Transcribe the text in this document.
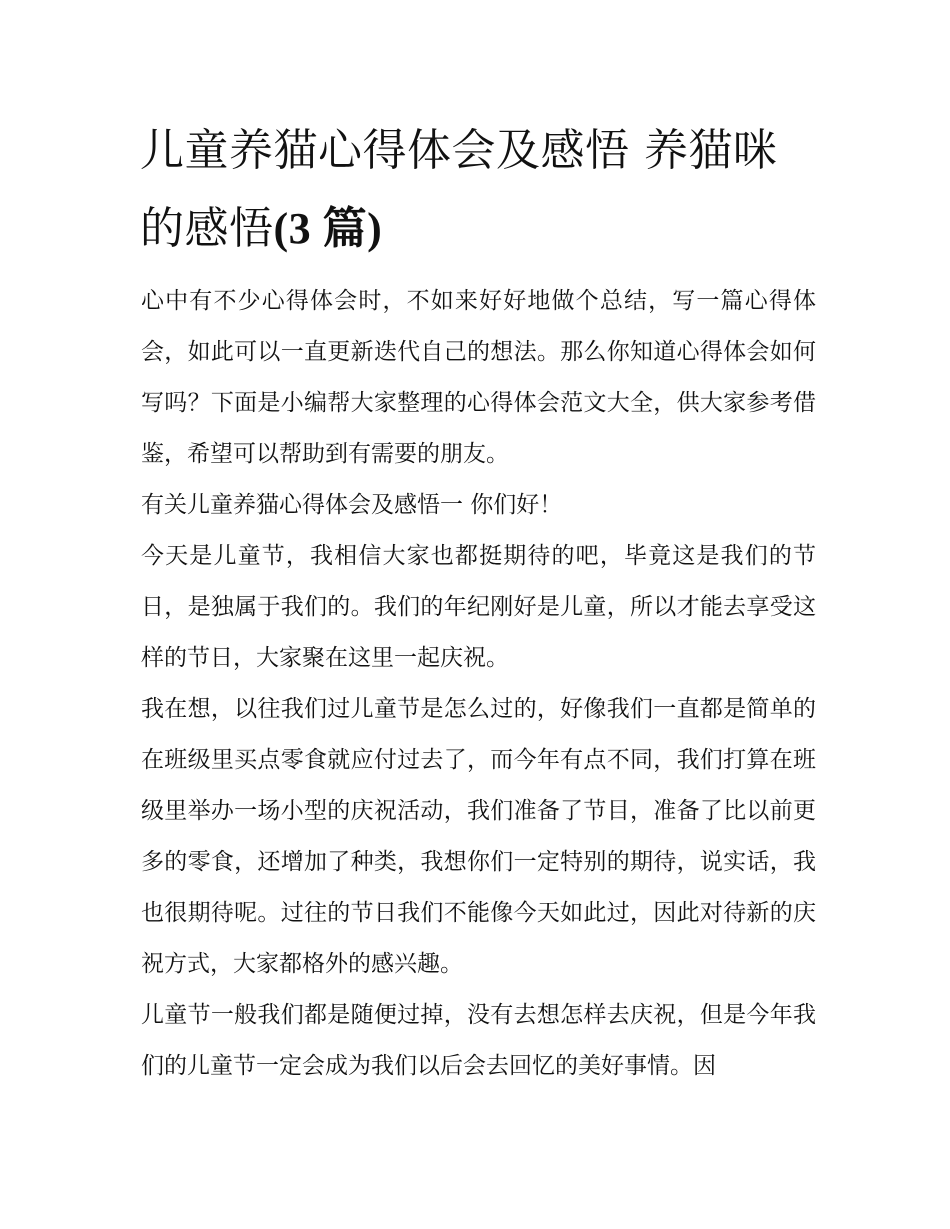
儿童养猫心得体会及感悟 养猫咪的感悟(3 篇)

心中有不少心得体会时，不如来好好地做个总结，写一篇心得体会，如此可以一直更新迭代自己的想法。那么你知道心得体会如何写吗？下面是小编帮大家整理的心得体会范文大全，供大家参考借鉴，希望可以帮助到有需要的朋友。

有关儿童养猫心得体会及感悟一 你们好！

今天是儿童节，我相信大家也都挺期待的吧，毕竟这是我们的节日，是独属于我们的。我们的年纪刚好是儿童，所以才能去享受这样的节日，大家聚在这里一起庆祝。

我在想，以往我们过儿童节是怎么过的，好像我们一直都是简单的在班级里买点零食就应付过去了，而今年有点不同，我们打算在班级里举办一场小型的庆祝活动，我们准备了节目，准备了比以前更多的零食，还增加了种类，我想你们一定特别的期待，说实话，我也很期待呢。过往的节日我们不能像今天如此过，因此对待新的庆祝方式，大家都格外的感兴趣。

儿童节一般我们都是随便过掉，没有去想怎样去庆祝，但是今年我们的儿童节一定会成为我们以后会去回忆的美好事情。因
